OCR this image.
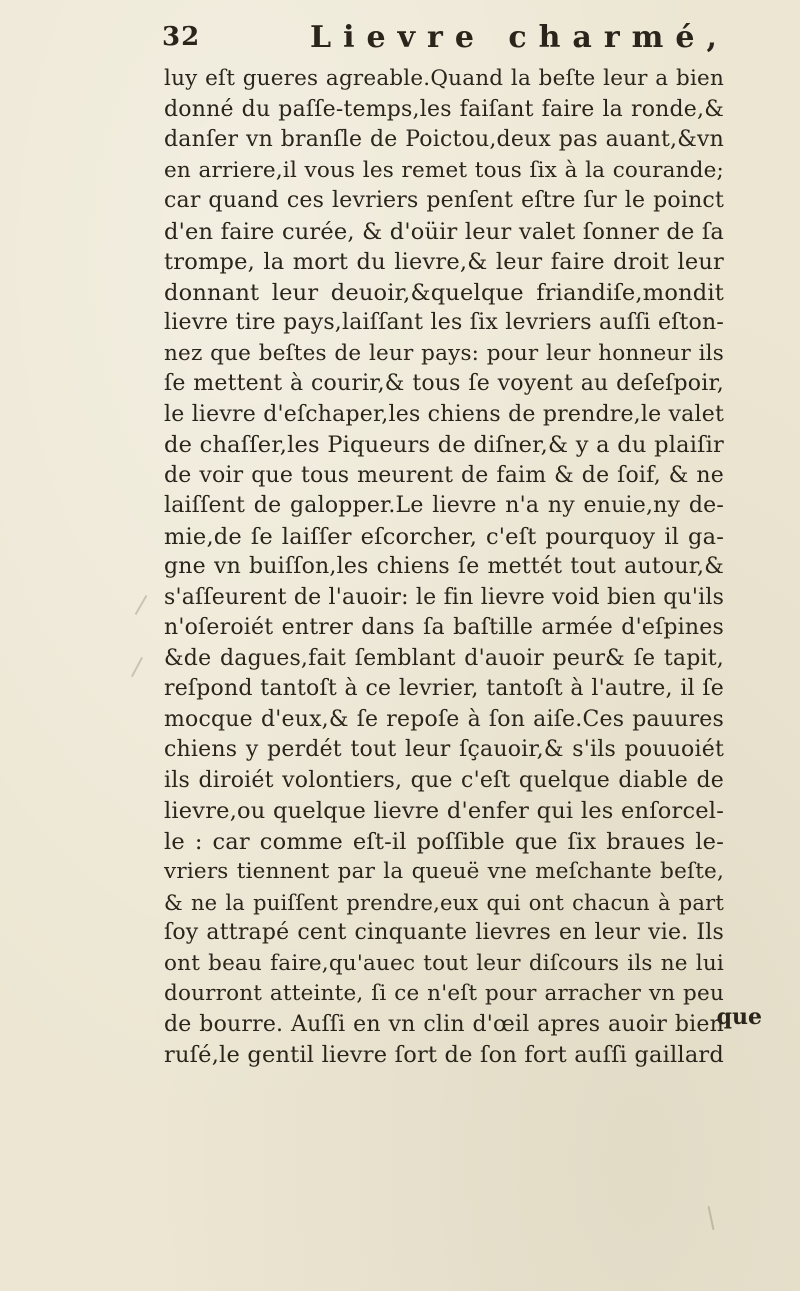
32	Lievre charmé,
luy eſt gueres agreable.Quand la beſte leur a bien
donné du paſſe-temps,les faiſant faire la ronde,&
danſer vn branſle de Poictou,deux pas auant,&vn
en arriere,il vous les remet tous ſix à la courande;
car quand ces levriers penſent eſtre ſur le poinct
d'en faire curée, & d'oüir leur valet ſonner de ſa
trompe, la mort du lievre,& leur faire droit leur
donnant leur deuoir,&quelque friandiſe,mondit
lievre tire pays,laiſſant les ſix levriers auſſi eſton-
nez que beſtes de leur pays: pour leur honneur ils
ſe mettent à courir,& tous ſe voyent au deſeſpoir,
le lievre d'eſchaper,les chiens de prendre,le valet
de chaſſer,les Piqueurs de diſner,& y a du plaiſir
de voir que tous meurent de faim & de ſoif, & ne
laiſſent de galopper.Le lievre n'a ny enuie,ny de-
mie,de ſe laiſſer eſcorcher, c'eſt pourquoy il ga-
gne vn buiſſon,les chiens ſe mettét tout autour,&
s'aſſeurent de l'auoir: le fin lievre void bien qu'ils
n'oſeroiét entrer dans ſa baſtille armée d'eſpines
&de dagues,fait ſemblant d'auoir peur& ſe tapit,
reſpond tantoſt à ce levrier, tantoſt à l'autre, il ſe
mocque d'eux,& ſe repoſe à ſon aiſe.Ces pauures
chiens y perdét tout leur ſçauoir,& s'ils pouuoiét
ils diroiét volontiers, que c'eſt quelque diable de
lievre,ou quelque lievre d'enfer qui les enſorcel-
le : car comme eſt-il poſſible que ſix braues le-
vriers tiennent par la queuë vne meſchante beſte,
& ne la puiſſent prendre,eux qui ont chacun à part
ſoy attrapé cent cinquante lievres en leur vie. Ils
ont beau faire,qu'auec tout leur diſcours ils ne lui
dourront atteinte, ſi ce n'eſt pour arracher vn peu
de bourre. Auſſi en vn clin d'œil apres auoir bien
ruſé,le gentil lievre ſort de ſon fort auſſi gaillard
que
